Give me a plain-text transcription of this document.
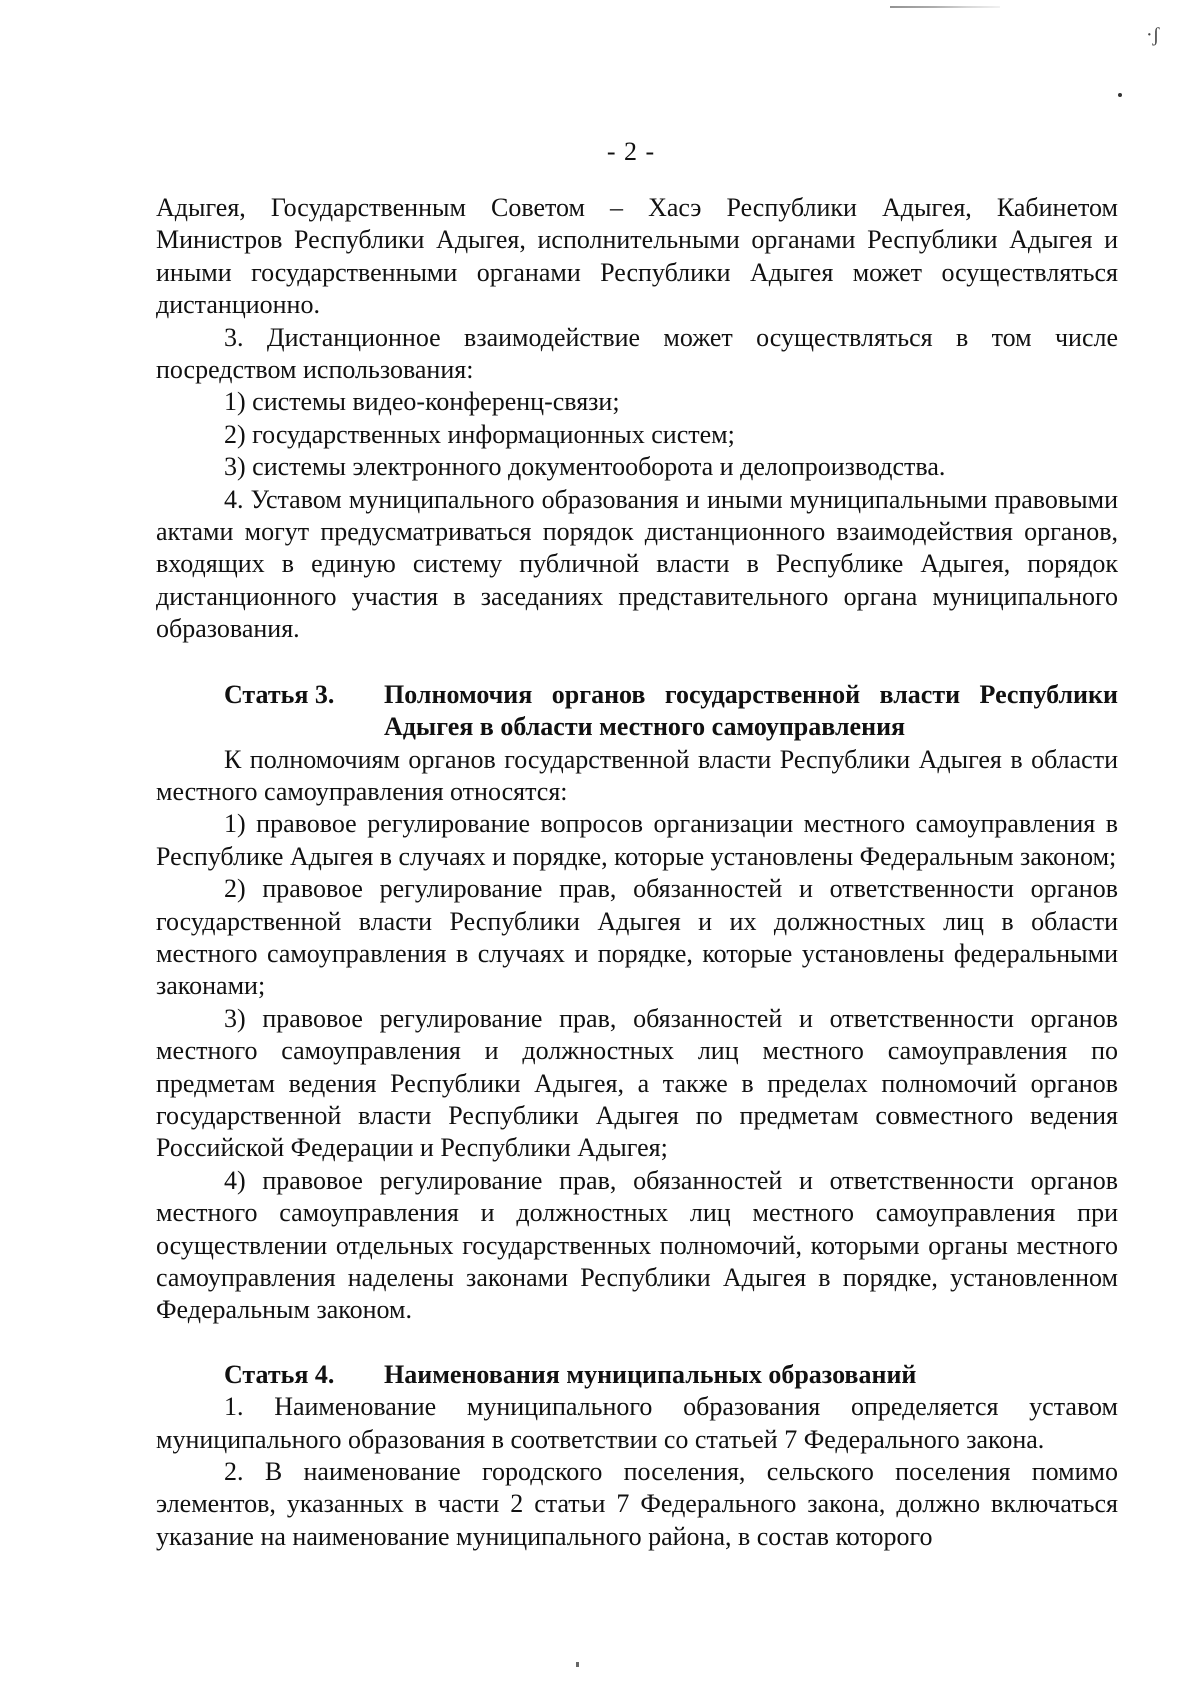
·ʃ
- 2 -

Адыгея, Государственным Советом – Хасэ Республики Адыгея, Кабинетом Министров Республики Адыгея, исполнительными органами Республики Адыгея и иными государственными органами Республики Адыгея может осуществляться дистанционно.

3. Дистанционное взаимодействие может осуществляться в том числе посредством использования:

1) системы видео-конференц-связи;

2) государственных информационных систем;

3) системы электронного документооборота и делопроизводства.

4. Уставом муниципального образования и иными муниципальными правовыми актами могут предусматриваться порядок дистанционного взаимодействия органов, входящих в единую систему публичной власти в Республике Адыгея, порядок дистанционного участия в заседаниях представительного органа муниципального образования.

Статья 3.	Полномочия органов государственной власти Республики Адыгея в области местного самоуправления

К полномочиям органов государственной власти Республики Адыгея в области местного самоуправления относятся:

1) правовое регулирование вопросов организации местного самоуправления в Республике Адыгея в случаях и порядке, которые установлены Федеральным законом;

2) правовое регулирование прав, обязанностей и ответственности органов государственной власти Республики Адыгея и их должностных лиц в области местного самоуправления в случаях и порядке, которые установлены федеральными законами;

3) правовое регулирование прав, обязанностей и ответственности органов местного самоуправления и должностных лиц местного самоуправления по предметам ведения Республики Адыгея, а также в пределах полномочий органов государственной власти Республики Адыгея по предметам совместного ведения Российской Федерации и Республики Адыгея;

4) правовое регулирование прав, обязанностей и ответственности органов местного самоуправления и должностных лиц местного самоуправления при осуществлении отдельных государственных полномочий, которыми органы местного самоуправления наделены законами Республики Адыгея в порядке, установленном Федеральным законом.

Статья 4.	Наименования муниципальных образований

1. Наименование муниципального образования определяется уставом муниципального образования в соответствии со статьей 7 Федерального закона.

2. В наименование городского поселения, сельского поселения помимо элементов, указанных в части 2 статьи 7 Федерального закона, должно включаться указание на наименование муниципального района, в состав которого
